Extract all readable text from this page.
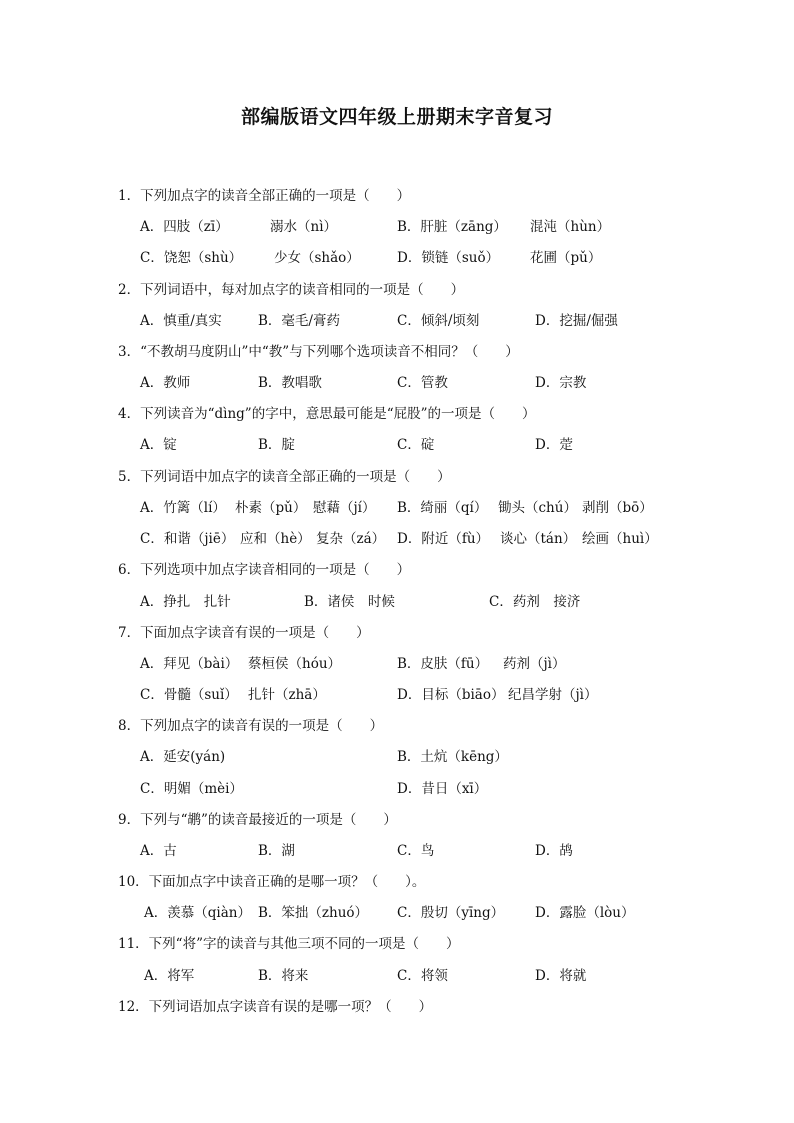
部编版语文四年级上册期末字音复习
1．下列加点字的读音全部正确的一项是（　　）
A．四肢（zī）	溺水（nì）	B．肝脏（zāng） 混沌（hùn）
C．饶恕（shù） 少女（shǎo）	D．锁链（suǒ） 花圃（pǔ）
2．下列词语中，每对加点字的读音相同的一项是（　　）
A．慎重/真实	B．毫毛/膏药	C．倾斜/顷刻	D．挖掘/倔强
3．“不教胡马度阴山”中“教”与下列哪个选项读音不相同？（　　）
A．教师	B．教唱歌	C．管教	D．宗教
4．下列读音为“dìng”的字中，意思最可能是“屁股”的一项是（　　）
A．锭	B．腚	C．碇	D．萣
5．下列词语中加点字的读音全部正确的一项是（　　）
A．竹篱（lí） 朴素（pǔ） 慰藉（jí） B．绮丽（qí） 锄头（chú） 剥削（bō）
C．和谐（jiē） 应和（hè） 复杂（zá） D．附近（fù） 谈心（tán） 绘画（huì）
6．下列选项中加点字读音相同的一项是（　　）
A．挣扎　扎针	B．诸侯　时候	C．药剂　接济
7．下面加点字读音有误的一项是（　　）
A．拜见（bài） 蔡桓侯（hóu）	B．皮肤（fū） 药剂（jì）
C．骨髓（suǐ） 扎针（zhā）	D．目标（biāo） 纪昌学射（jì）
8．下列加点字的读音有误的一项是（　　）
A．延安(yán)	B．土炕（kēng）
C．明媚（mèi）	D．昔日（xī）
9．下列与“鹕”的读音最接近的一项是（　　）
A．古	B．湖	C．鸟	D．鸪
10．下面加点字中读音正确的是哪一项？（　　）。
A．羡慕（qiàn） B．笨拙（zhuó） C．殷切（yīng） D．露脸（lòu）
11．下列“将”字的读音与其他三项不同的一项是（　　）
A．将军	B．将来	C．将领	D．将就
12．下列词语加点字读音有误的是哪一项？（　　）
